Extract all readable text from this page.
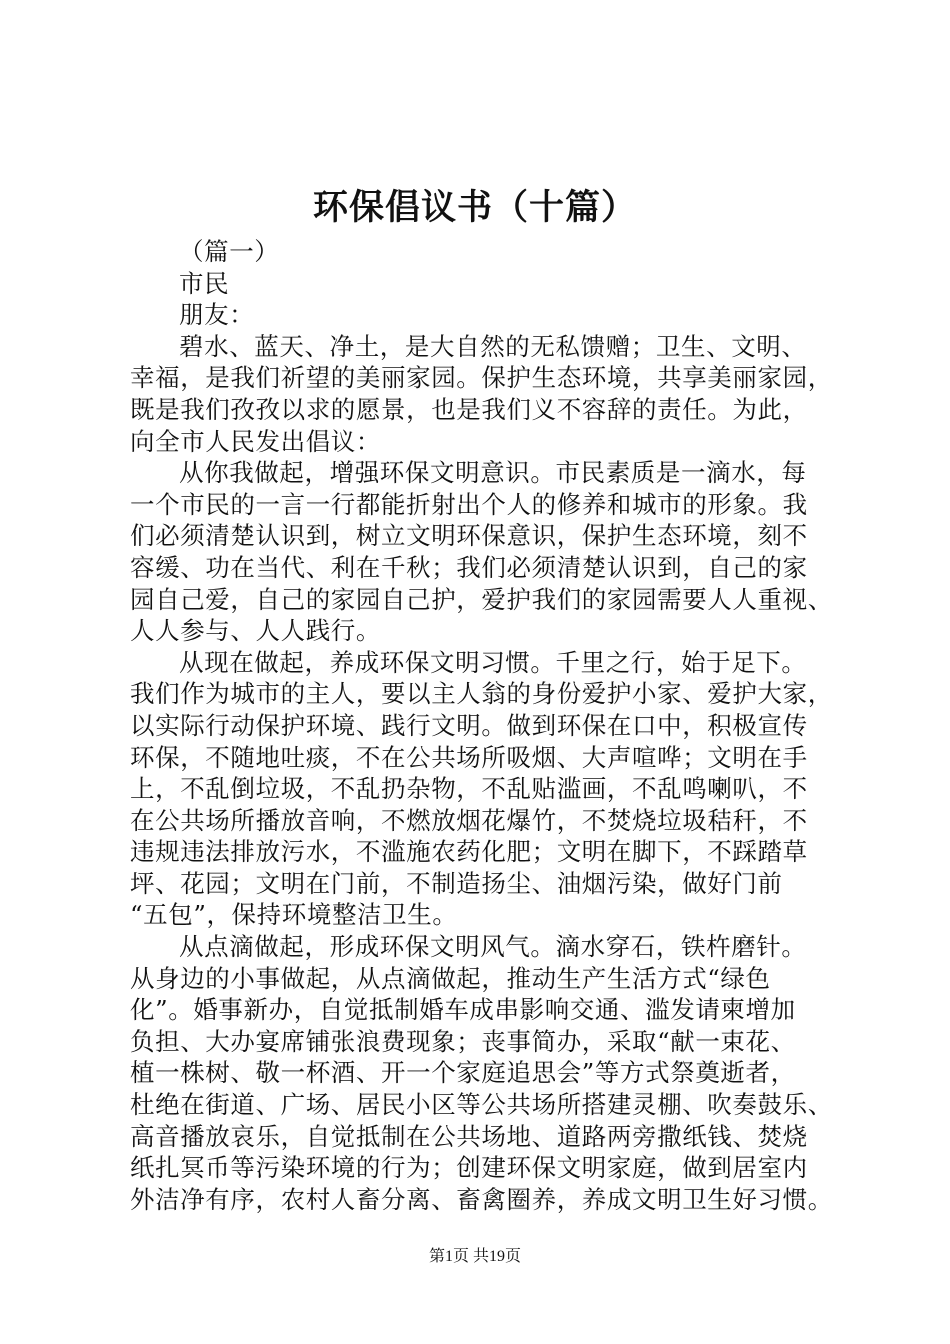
环保倡议书（十篇）
（篇一）
市民
朋友：
碧水、蓝天、净土，是大自然的无私馈赠；卫生、文明、
幸福，是我们祈望的美丽家园。保护生态环境，共享美丽家园，
既是我们孜孜以求的愿景，也是我们义不容辞的责任。为此，
向全市人民发出倡议：
从你我做起，增强环保文明意识。市民素质是一滴水，每
一个市民的一言一行都能折射出个人的修养和城市的形象。我
们必须清楚认识到，树立文明环保意识，保护生态环境，刻不
容缓、功在当代、利在千秋；我们必须清楚认识到，自己的家
园自己爱，自己的家园自己护，爱护我们的家园需要人人重视、
人人参与、人人践行。
从现在做起，养成环保文明习惯。千里之行，始于足下。
我们作为城市的主人，要以主人翁的身份爱护小家、爱护大家，
以实际行动保护环境、践行文明。做到环保在口中，积极宣传
环保，不随地吐痰，不在公共场所吸烟、大声喧哗；文明在手
上，不乱倒垃圾，不乱扔杂物，不乱贴滥画，不乱鸣喇叭，不
在公共场所播放音响，不燃放烟花爆竹，不焚烧垃圾秸秆，不
违规违法排放污水，不滥施农药化肥；文明在脚下，不踩踏草
坪、花园；文明在门前，不制造扬尘、油烟污染，做好门前
“五包”，保持环境整洁卫生。
从点滴做起，形成环保文明风气。滴水穿石，铁杵磨针。
从身边的小事做起，从点滴做起，推动生产生活方式“绿色
化”。婚事新办，自觉抵制婚车成串影响交通、滥发请柬增加
负担、大办宴席铺张浪费现象；丧事简办，采取“献一束花、
植一株树、敬一杯酒、开一个家庭追思会”等方式祭奠逝者，
杜绝在街道、广场、居民小区等公共场所搭建灵棚、吹奏鼓乐、
高音播放哀乐，自觉抵制在公共场地、道路两旁撒纸钱、焚烧
纸扎冥币等污染环境的行为；创建环保文明家庭，做到居室内
外洁净有序，农村人畜分离、畜禽圈养，养成文明卫生好习惯。
第1页 共19页
